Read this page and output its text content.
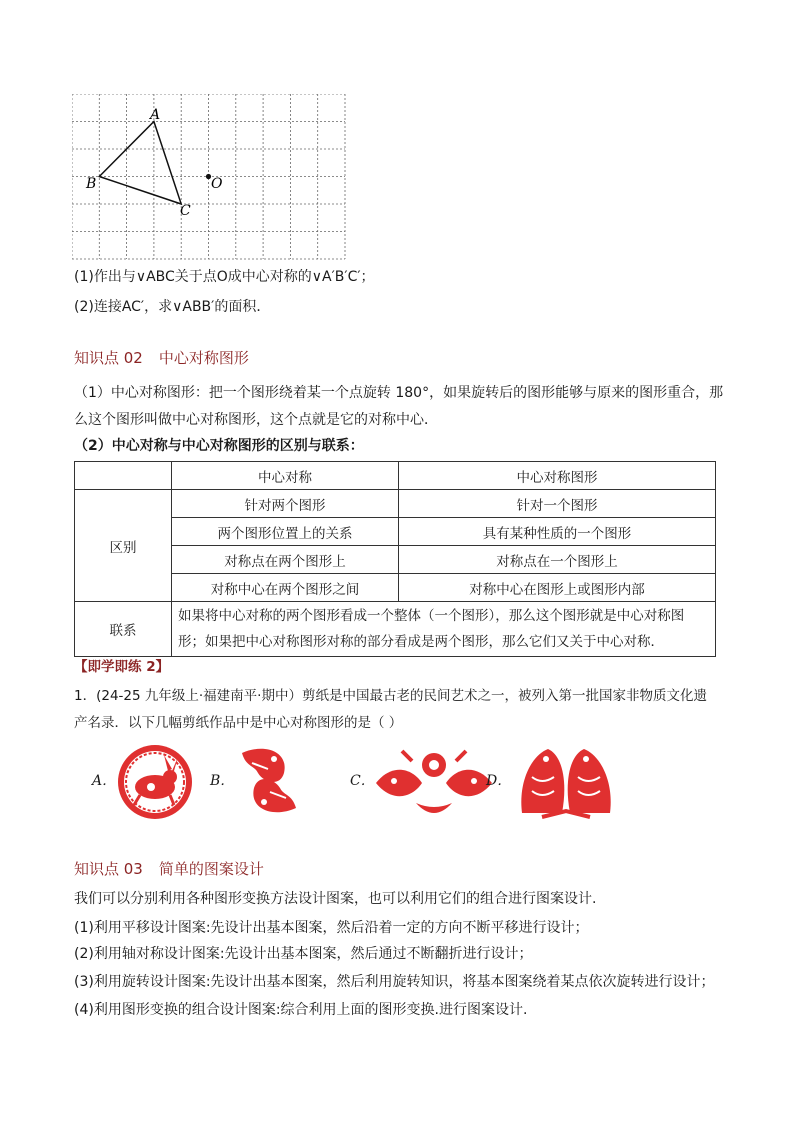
A
B
C
O
(1)作出与∨ABC关于点O成中心对称的∨A′B′C′；
(2)连接AC′，求∨ABB′的面积．
知识点 02 中心对称图形
（1）中心对称图形：把一个图形绕着某一个点旋转 180°，如果旋转后的图形能够与原来的图形重合，那
么这个图形叫做中心对称图形，这个点就是它的对称中心．
（2）中心对称与中心对称图形的区别与联系：
	中心对称	中心对称图形
区别	针对两个图形	针对一个图形
	两个图形位置上的关系	具有某种性质的一个图形
	对称点在两个图形上	对称点在一个图形上
	对称中心在两个图形之间	对称中心在图形上或图形内部
联系	如果将中心对称的两个图形看成一个整体（一个图形），那么这个图形就是中心对称图
形；如果把中心对称图形对称的部分看成是两个图形，那么它们又关于中心对称．	
【即学即练 2】
1．(24-25 九年级上·福建南平·期中）剪纸是中国最古老的民间艺术之一，被列入第一批国家非物质文化遗
产名录．以下几幅剪纸作品中是中心对称图形的是（ ）
A．	B．	C．	D．
知识点 03 简单的图案设计
我们可以分别利用各种图形变换方法设计图案，也可以利用它们的组合进行图案设计.
(1)利用平移设计图案:先设计出基本图案，然后沿着一定的方向不断平移进行设计；
(2)利用轴对称设计图案:先设计出基本图案，然后通过不断翻折进行设计；
(3)利用旋转设计图案:先设计出基本图案，然后利用旋转知识，将基本图案绕着某点依次旋转进行设计；
(4)利用图形变换的组合设计图案:综合利用上面的图形变换.进行图案设计.
